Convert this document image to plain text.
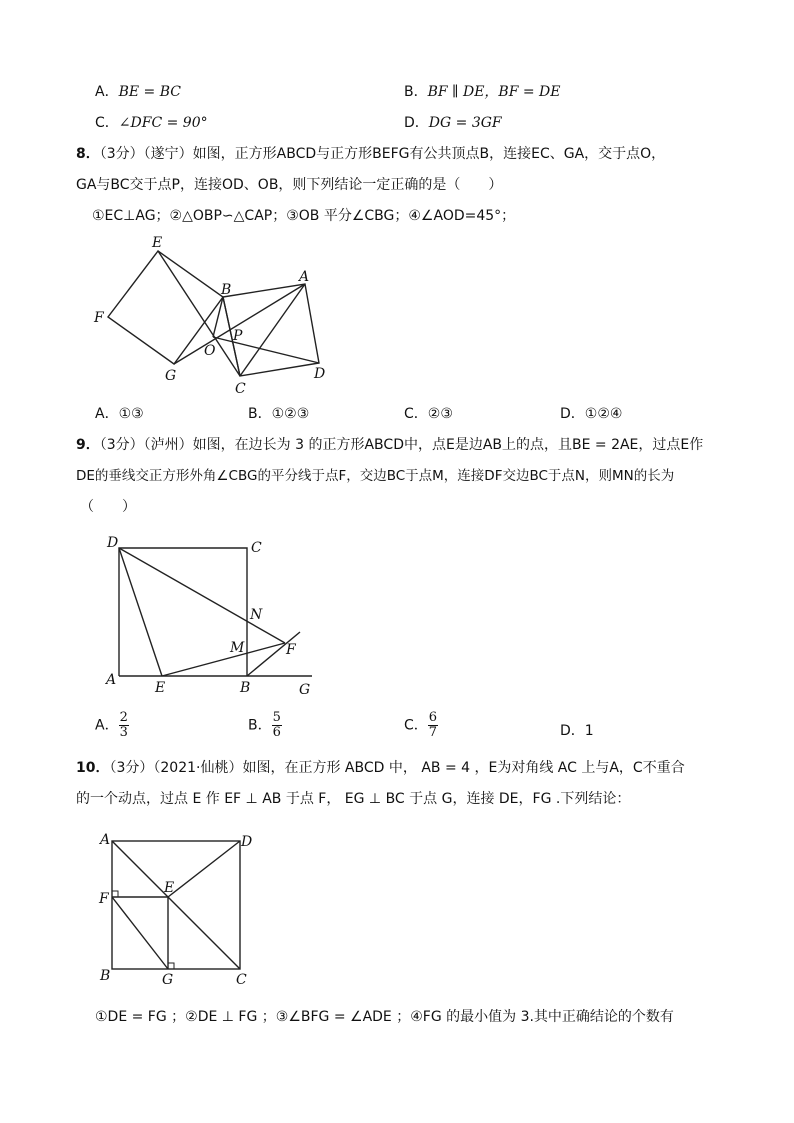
A．BE = BC	B．BF ∥ DE，BF = DE
C．∠DFC = 90°	D．DG = 3GF
8．（3分）（遂宁）如图，正方形ABCD与正方形BEFG有公共顶点B，连接EC、GA，交于点O，
GA与BC交于点P，连接OD、OB，则下列结论一定正确的是（　　）
①EC⊥AG；②△OBP∽△CAP；③OB 平分∠CBG；④∠AOD=45°；
E
F
G
B
O
P
C
A
D
A．①③	B．①②③	C．②③	D．①②④
9．（3分）（泸州）如图，在边长为 3 的正方形ABCD中，点E是边AB上的点，且BE = 2AE，过点E作
DE的垂线交正方形外角∠CBG的平分线于点F，交边BC于点M，连接DF交边BC于点N，则MN的长为
（　　）
D	C
N
M	F
A	E	B	G
A． $\frac{2}{3}$	B． $\frac{5}{6}$	C． $\frac{6}{7}$	D．1
10．（3分）（2021·仙桃）如图，在正方形 ABCD 中， AB = 4 ，E为对角线 AC 上与A，C不重合
的一个动点，过点 E 作 EF ⊥ AB 于点 F， EG ⊥ BC 于点 G，连接 DE，FG .下列结论：
A	D
F
E
B	G	C
①DE = FG ；②DE ⊥ FG ；③∠BFG = ∠ADE ；④FG 的最小值为 3.其中正确结论的个数有
